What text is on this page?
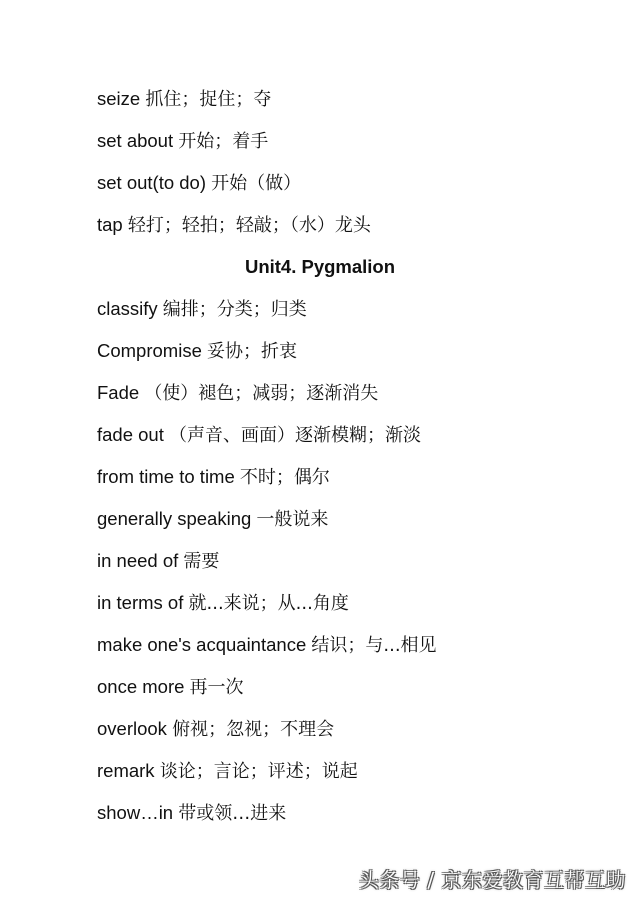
seize 抓住；捉住；夺
set about 开始；着手
set out(to do) 开始（做）
tap 轻打；轻拍；轻敲；（水）龙头
Unit4. Pygmalion
classify 编排；分类；归类
Compromise 妥协；折衷
Fade （使）褪色；减弱；逐渐消失
fade out （声音、画面）逐渐模糊；渐淡
from time to time 不时；偶尔
generally speaking 一般说来
in need of 需要
in terms of 就...来说；从...角度
make one's acquaintance 结识；与...相见
once more 再一次
overlook 俯视；忽视；不理会
remark 谈论；言论；评述；说起
show…in 带或领…进来
头条号 / 京东爱教育互帮互助
